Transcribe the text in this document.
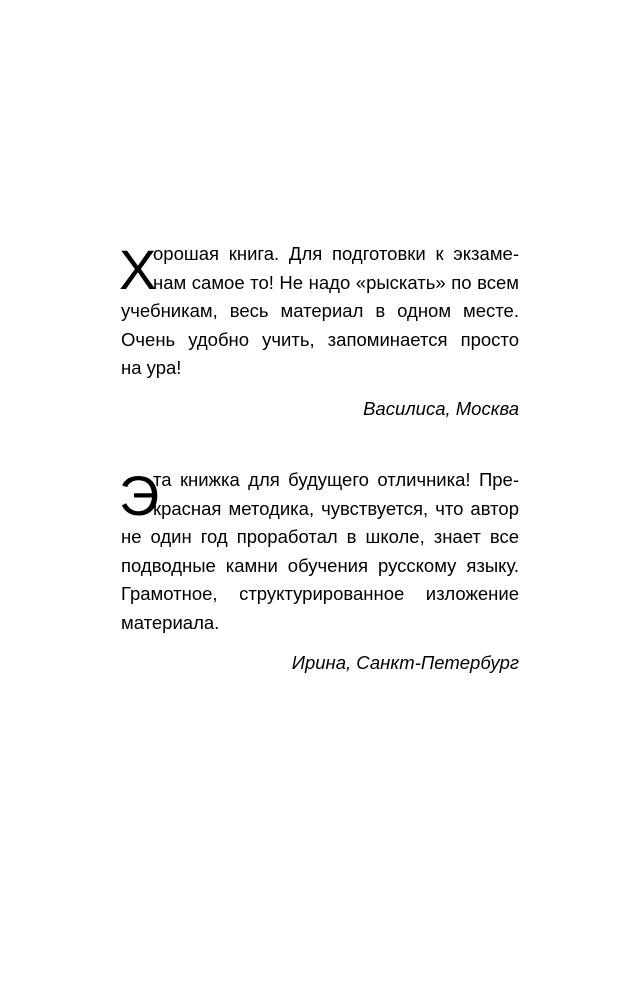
Х
орошая книга. Для подготовки к экзаме-
нам самое то! Не надо «рыскать» по всем
учебникам, весь материал в одном месте.
Очень удобно учить, запоминается просто
на ура!
Василиса, Москва
Э
та книжка для будущего отличника! Пре-
красная методика, чувствуется, что автор
не один год проработал в школе, знает все
подводные камни обучения русскому языку.
Грамотное, структурированное изложение
материала.
Ирина, Санкт-Петербург
